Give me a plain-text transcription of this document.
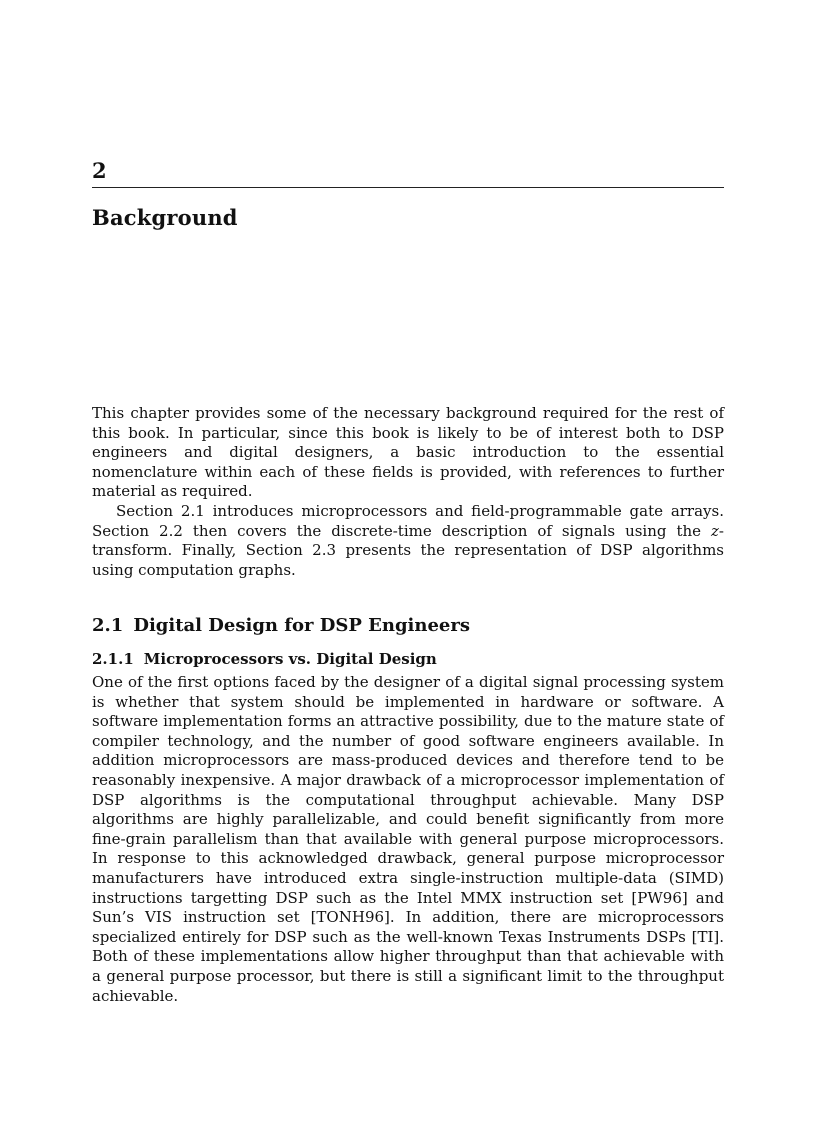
2
Background

This chapter provides some of the necessary background required for the rest of this book. In particular, since this book is likely to be of interest both to DSP engineers and digital designers, a basic introduction to the essential nomenclature within each of these fields is provided, with references to further material as required.

Section 2.1 introduces microprocessors and field-programmable gate arrays. Section 2.2 then covers the discrete-time description of signals using the z-transform. Finally, Section 2.3 presents the representation of DSP algorithms using computation graphs.

2.1 Digital Design for DSP Engineers
2.1.1 Microprocessors vs. Digital Design

One of the first options faced by the designer of a digital signal processing system is whether that system should be implemented in hardware or software. A software implementation forms an attractive possibility, due to the mature state of compiler technology, and the number of good software engineers available. In addition microprocessors are mass-produced devices and therefore tend to be reasonably inexpensive. A major drawback of a microprocessor implementation of DSP algorithms is the computational throughput achievable. Many DSP algorithms are highly parallelizable, and could benefit significantly from more fine-grain parallelism than that available with general purpose microprocessors. In response to this acknowledged drawback, general purpose microprocessor manufacturers have introduced extra single-instruction multiple-data (SIMD) instructions targetting DSP such as the Intel MMX instruction set [PW96] and Sun’s VIS instruction set [TONH96]. In addition, there are microprocessors specialized entirely for DSP such as the well-known Texas Instruments DSPs [TI]. Both of these implementations allow higher throughput than that achievable with a general purpose processor, but there is still a significant limit to the throughput achievable.
